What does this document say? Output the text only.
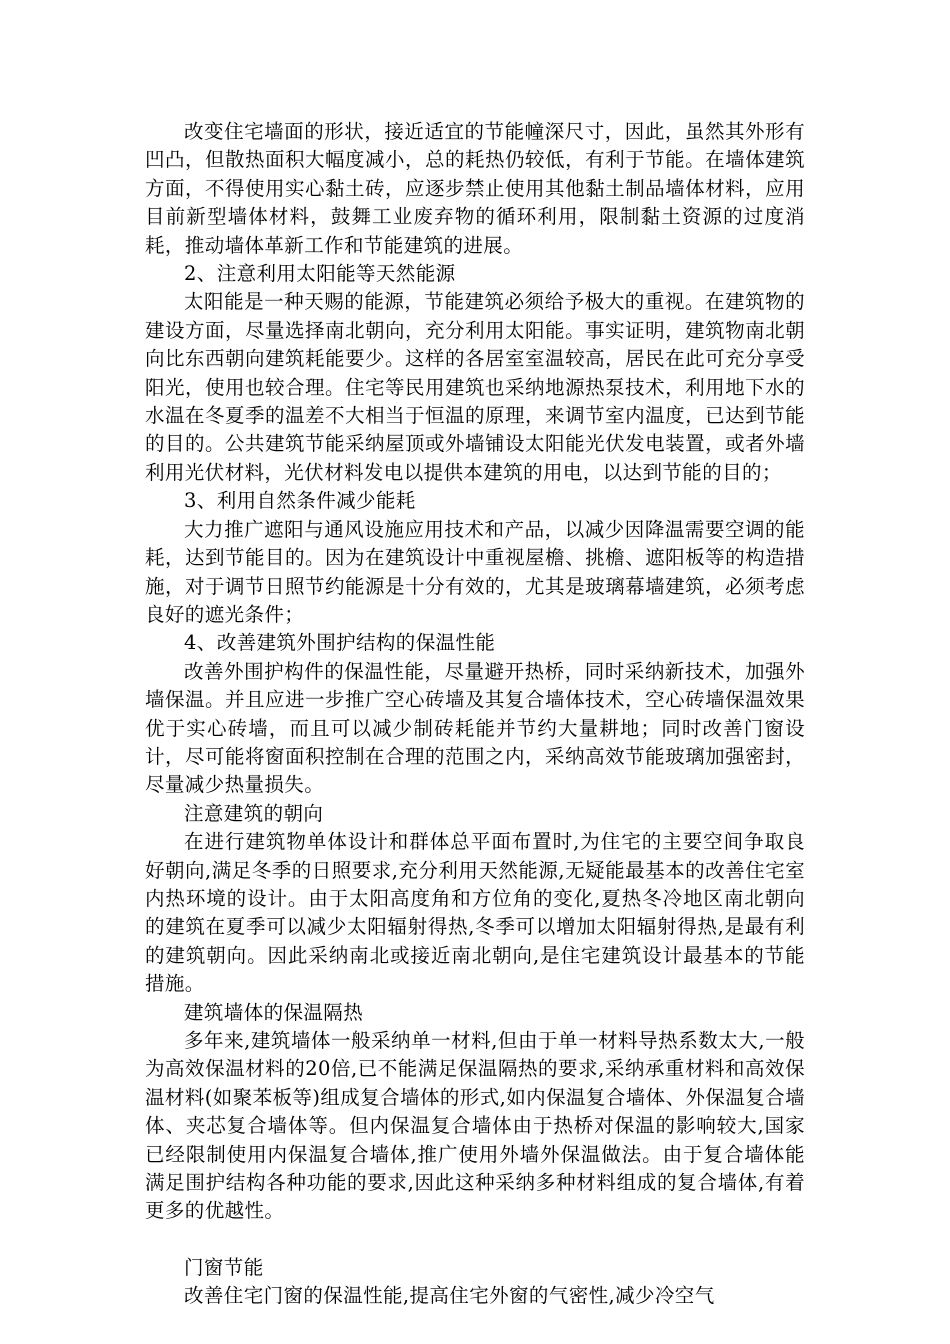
改变住宅墙面的形状，接近适宜的节能幢深尺寸，因此，虽然其外形有凹凸，但散热面积大幅度减小，总的耗热仍较低，有利于节能。在墙体建筑方面，不得使用实心黏土砖，应逐步禁止使用其他黏土制品墙体材料，应用目前新型墙体材料，鼓舞工业废弃物的循环利用，限制黏土资源的过度消耗，推动墙体革新工作和节能建筑的进展。

2、注意利用太阳能等天然能源

太阳能是一种天赐的能源，节能建筑必须给予极大的重视。在建筑物的建设方面，尽量选择南北朝向，充分利用太阳能。事实证明，建筑物南北朝向比东西朝向建筑耗能要少。这样的各居室室温较高，居民在此可充分享受阳光，使用也较合理。住宅等民用建筑也采纳地源热泵技术，利用地下水的水温在冬夏季的温差不大相当于恒温的原理，来调节室内温度，已达到节能的目的。公共建筑节能采纳屋顶或外墙铺设太阳能光伏发电装置，或者外墙利用光伏材料，光伏材料发电以提供本建筑的用电，以达到节能的目的；

3、利用自然条件减少能耗

大力推广遮阳与通风设施应用技术和产品，以减少因降温需要空调的能耗，达到节能目的。因为在建筑设计中重视屋檐、挑檐、遮阳板等的构造措施，对于调节日照节约能源是十分有效的，尤其是玻璃幕墙建筑，必须考虑良好的遮光条件；

4、改善建筑外围护结构的保温性能

改善外围护构件的保温性能，尽量避开热桥，同时采纳新技术，加强外墙保温。并且应进一步推广空心砖墙及其复合墙体技术，空心砖墙保温效果优于实心砖墙，而且可以减少制砖耗能并节约大量耕地；同时改善门窗设计，尽可能将窗面积控制在合理的范围之内，采纳高效节能玻璃加强密封，尽量减少热量损失。

注意建筑的朝向

在进行建筑物单体设计和群体总平面布置时,为住宅的主要空间争取良好朝向,满足冬季的日照要求,充分利用天然能源,无疑能最基本的改善住宅室内热环境的设计。由于太阳高度角和方位角的变化,夏热冬冷地区南北朝向的建筑在夏季可以减少太阳辐射得热,冬季可以增加太阳辐射得热,是最有利的建筑朝向。因此采纳南北或接近南北朝向,是住宅建筑设计最基本的节能措施。

建筑墙体的保温隔热

多年来,建筑墙体一般采纳单一材料,但由于单一材料导热系数太大,一般为高效保温材料的20倍,已不能满足保温隔热的要求,采纳承重材料和高效保温材料(如聚苯板等)组成复合墙体的形式,如内保温复合墙体、外保温复合墙体、夹芯复合墙体等。但内保温复合墙体由于热桥对保温的影响较大,国家已经限制使用内保温复合墙体,推广使用外墙外保温做法。由于复合墙体能满足围护结构各种功能的要求,因此这种采纳多种材料组成的复合墙体,有着更多的优越性。

门窗节能

改善住宅门窗的保温性能,提高住宅外窗的气密性,减少冷空气
